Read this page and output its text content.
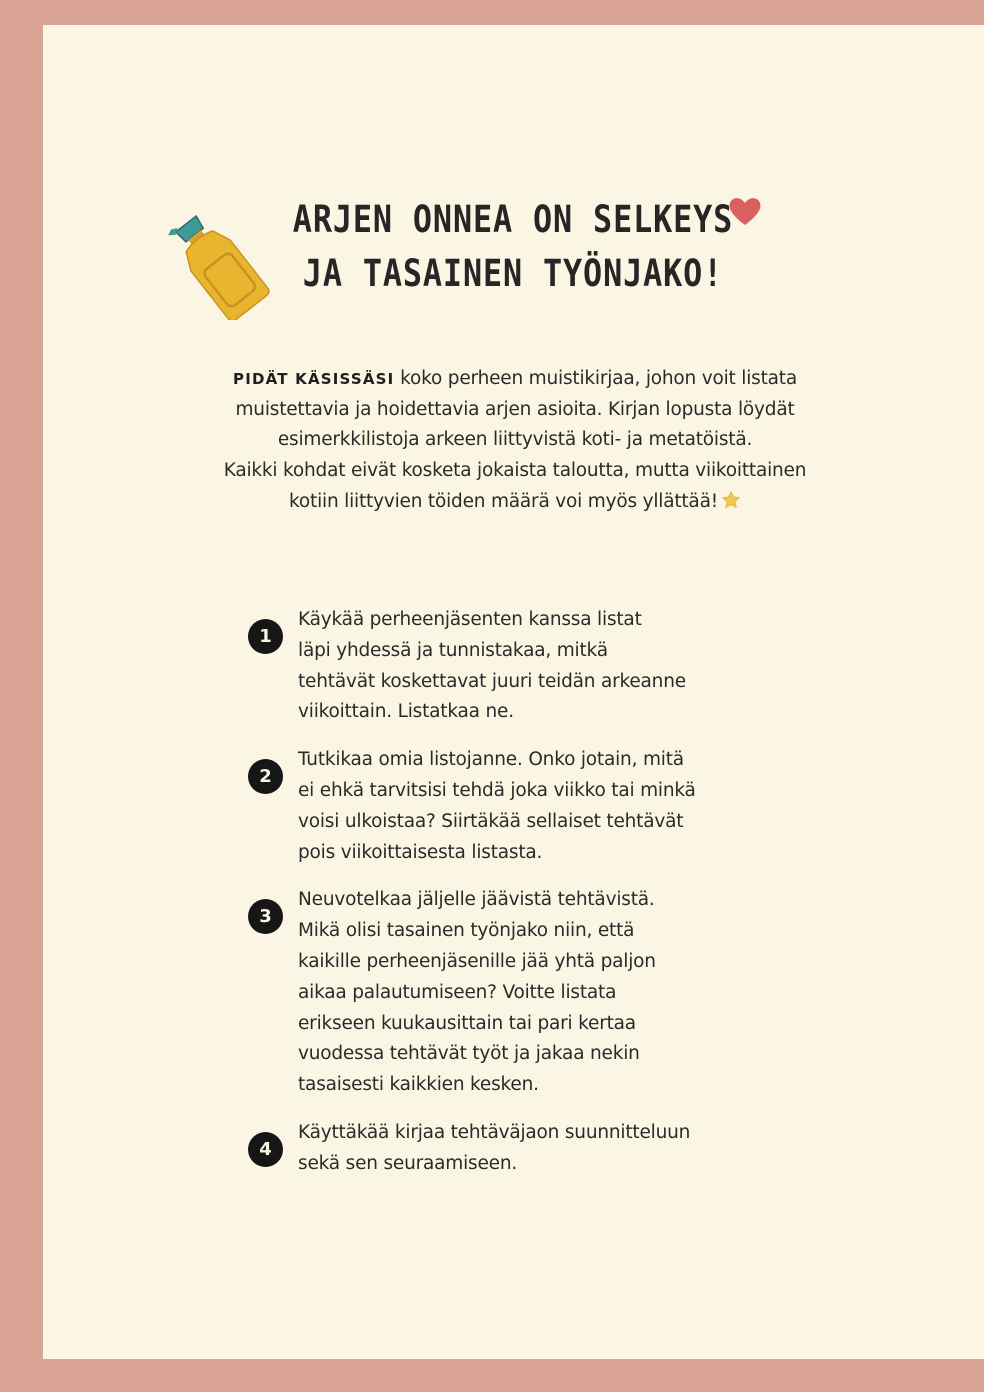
ARJEN ONNEA ON SELKEYS
JA TASAINEN TYÖNJAKO!
PIDÄT KÄSISSÄSI koko perheen muistikirjaa, johon voit listata
muistettavia ja hoidettavia arjen asioita. Kirjan lopusta löydät
esimerkkilistoja arkeen liittyvistä koti- ja metatöistä.
Kaikki kohdat eivät kosketa jokaista taloutta, mutta viikoittainen
kotiin liittyvien töiden määrä voi myös yllättää!
1
Käykää perheenjäsenten kanssa listat
läpi yhdessä ja tunnistakaa, mitkä
tehtävät koskettavat juuri teidän arkeanne
viikoittain. Listatkaa ne.
2
Tutkikaa omia listojanne. Onko jotain, mitä
ei ehkä tarvitsisi tehdä joka viikko tai minkä
voisi ulkoistaa? Siirtäkää sellaiset tehtävät
pois viikoittaisesta listasta.
3
Neuvotelkaa jäljelle jäävistä tehtävistä.
Mikä olisi tasainen työnjako niin, että
kaikille perheenjäsenille jää yhtä paljon
aikaa palautumiseen? Voitte listata
erikseen kuukausittain tai pari kertaa
vuodessa tehtävät työt ja jakaa nekin
tasaisesti kaikkien kesken.
4
Käyttäkää kirjaa tehtäväjaon suunnitteluun
sekä sen seuraamiseen.
